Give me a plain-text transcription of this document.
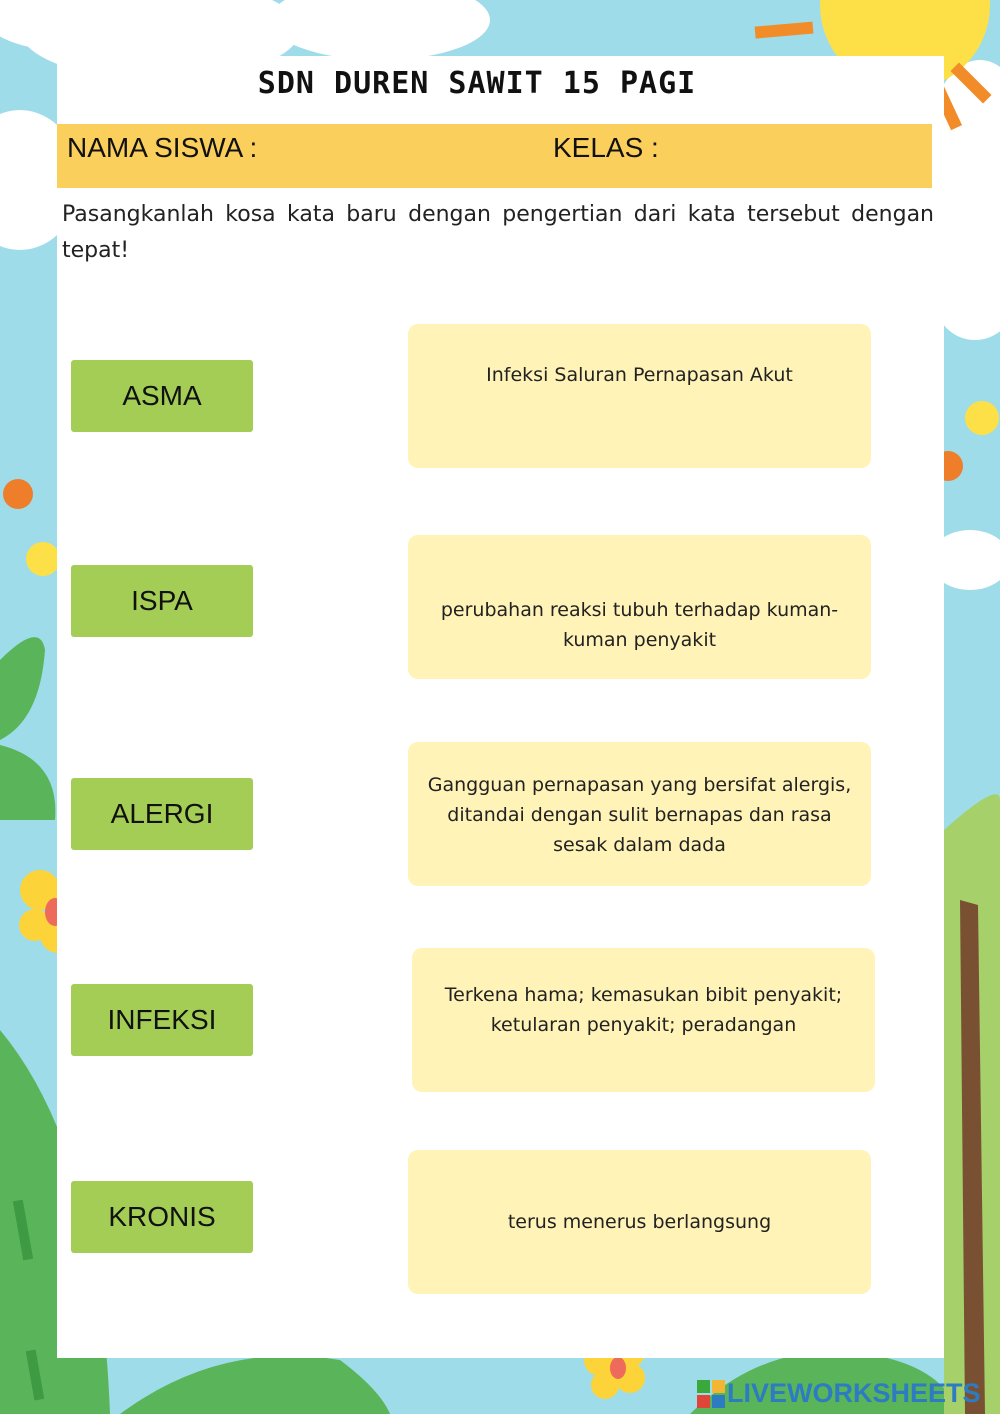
SDN DUREN SAWIT 15 PAGI
NAMA SISWA :	KELAS :
Pasangkanlah kosa kata baru dengan pengertian dari kata tersebut dengan tepat!
ASMA
ISPA
ALERGI
INFEKSI
KRONIS
Infeksi Saluran Pernapasan Akut
perubahan reaksi tubuh terhadap kuman-kuman penyakit
Gangguan pernapasan yang bersifat alergis, ditandai dengan sulit bernapas dan rasa sesak dalam dada
Terkena hama; kemasukan bibit penyakit; ketularan penyakit; peradangan
terus menerus berlangsung
LIVEWORKSHEETS
